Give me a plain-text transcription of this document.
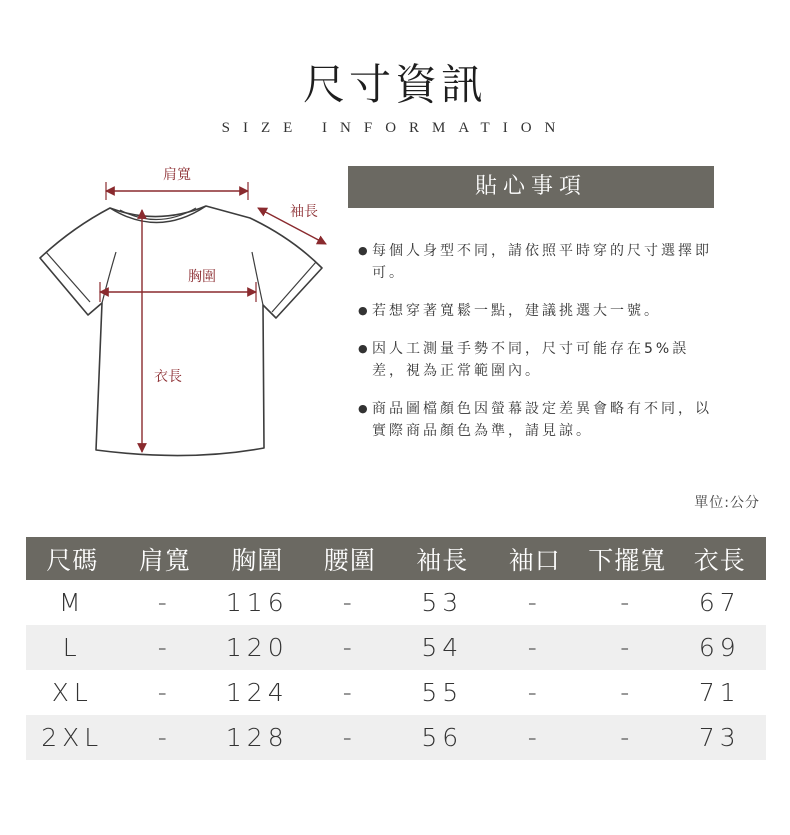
尺寸資訊
SIZE INFORMATION
肩寬
袖長
胸圍
衣長
貼心事項
● 每個人身型不同，請依照平時穿的尺寸選擇即可。
● 若想穿著寬鬆一點，建議挑選大一號。
● 因人工測量手勢不同，尺寸可能存在5%誤差，視為正常範圍內。
● 商品圖檔顏色因螢幕設定差異會略有不同，以實際商品顏色為準，請見諒。
單位:公分
尺碼	肩寬	胸圍	腰圍	袖長	袖口	下擺寬	衣長
M	-	116	-	53	-	-	67
L	-	120	-	54	-	-	69
XL	-	124	-	55	-	-	71
2XL	-	128	-	56	-	-	73
